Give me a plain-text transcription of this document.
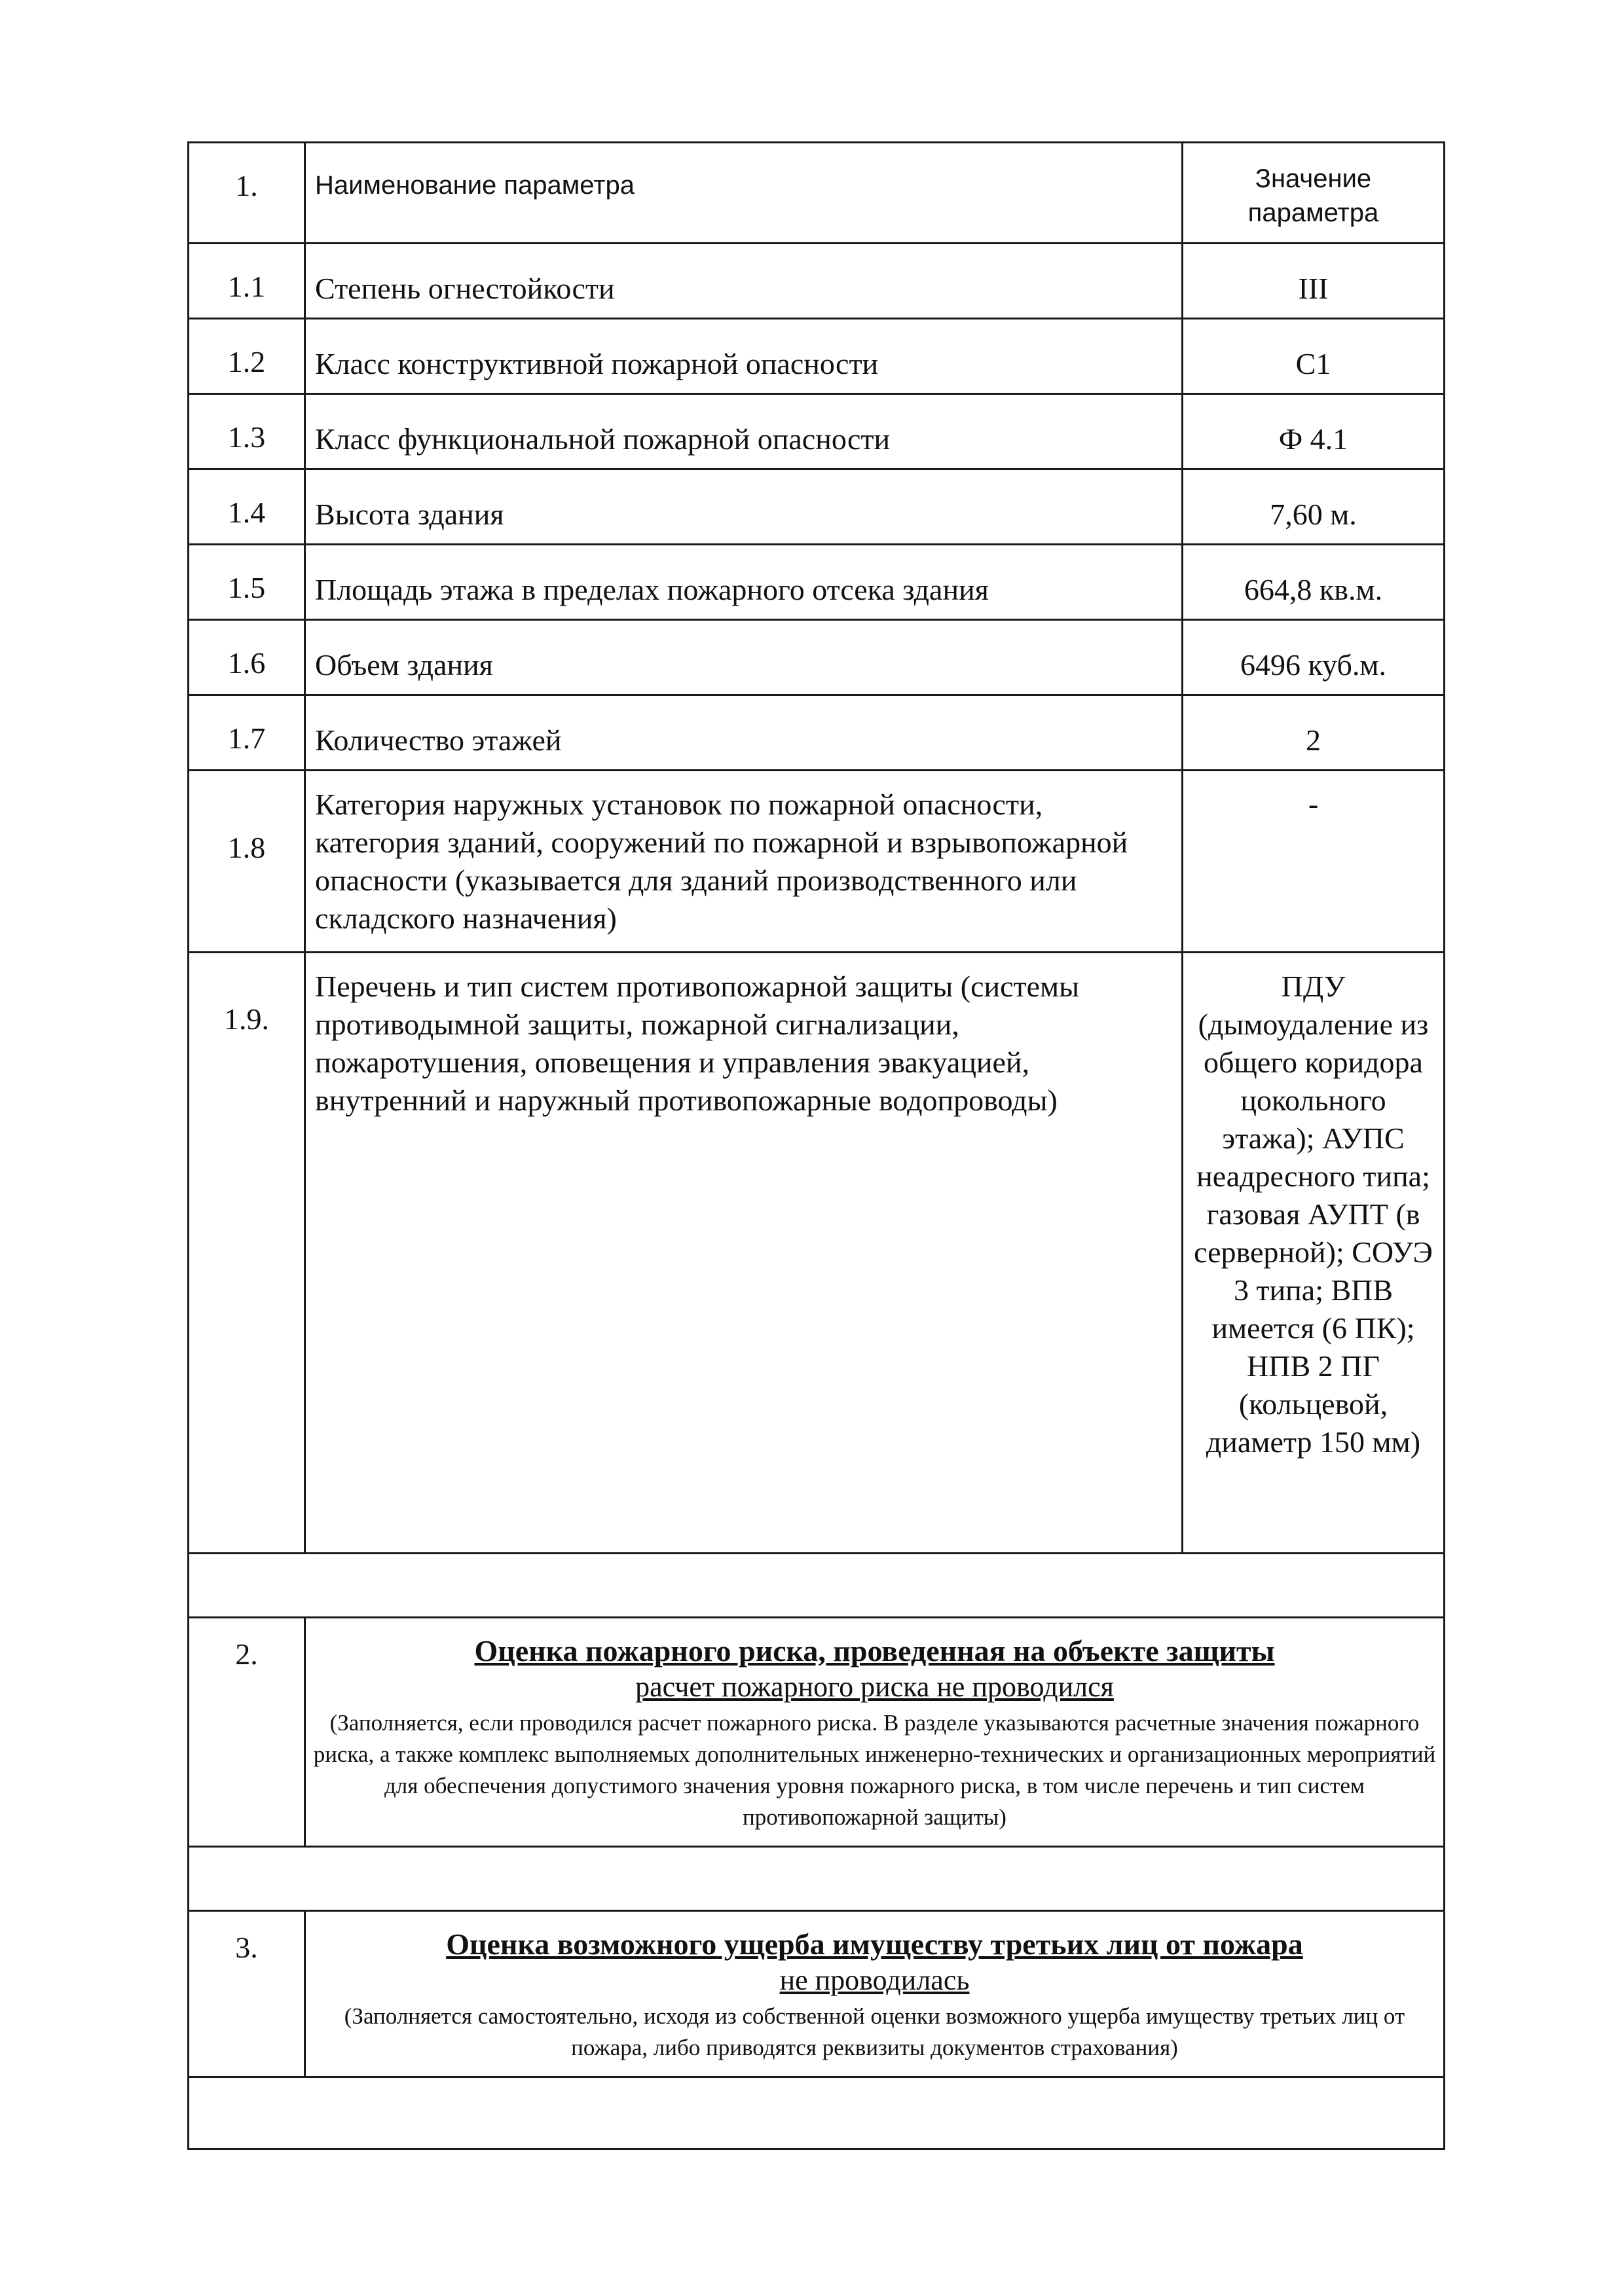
1.	Наименование параметра	Значение параметра
1.1	Степень огнестойкости	III
1.2	Класс конструктивной пожарной опасности	С1
1.3	Класс функциональной пожарной опасности	Ф 4.1
1.4	Высота здания	7,60 м.
1.5	Площадь этажа в пределах пожарного отсека здания	664,8 кв.м.
1.6	Объем здания	6496 куб.м.
1.7	Количество этажей	2
1.8	Категория наружных установок по пожарной опасности, категория зданий, сооружений по пожарной и взрывопожарной опасности (указывается для зданий производственного или складского назначения)	-
1.9.	Перечень и тип систем противопожарной защиты (системы противодымной защиты, пожарной сигнализации, пожаротушения, оповещения и управления эвакуацией, внутренний и наружный противопожарные водопроводы)	ПДУ (дымоудаление из общего коридора цокольного этажа); АУПС неадресного типа; газовая АУПТ (в серверной); СОУЭ 3 типа; ВПВ имеется (6 ПК); НПВ 2 ПГ (кольцевой, диаметр 150 мм)

2.	Оценка пожарного риска, проведенная на объекте защиты
расчет пожарного риска не проводился
(Заполняется, если проводился расчет пожарного риска. В разделе указываются расчетные значения пожарного риска, а также комплекс выполняемых дополнительных инженерно-технических и организационных мероприятий для обеспечения допустимого значения уровня пожарного риска, в том числе перечень и тип систем противопожарной защиты)	

3.	Оценка возможного ущерба имуществу третьих лиц от пожара
не проводилась
(Заполняется самостоятельно, исходя из собственной оценки возможного ущерба имуществу третьих лиц от пожара, либо приводятся реквизиты документов страхования)	
